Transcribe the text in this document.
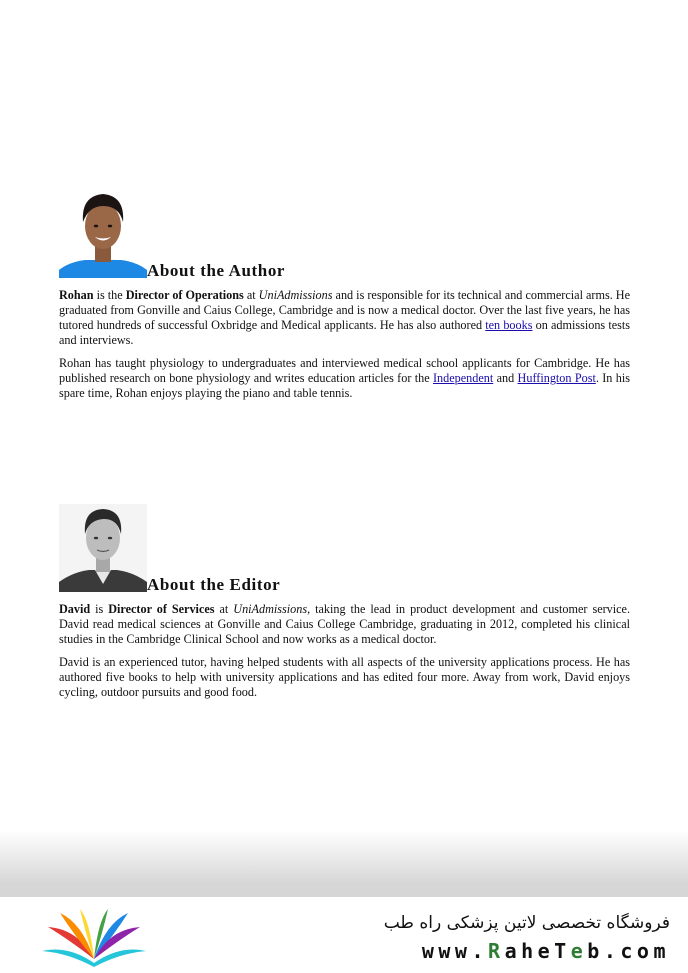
About the Author

Rohan is the Director of Operations at UniAdmissions and is responsible for its technical and commercial arms. He graduated from Gonville and Caius College, Cambridge and is now a medical doctor. Over the last five years, he has tutored hundreds of successful Oxbridge and Medical applicants. He has also authored ten books on admissions tests and interviews.

Rohan has taught physiology to undergraduates and interviewed medical school applicants for Cambridge. He has published research on bone physiology and writes education articles for the Independent and Huffington Post. In his spare time, Rohan enjoys playing the piano and table tennis.

About the Editor

David is Director of Services at UniAdmissions, taking the lead in product development and customer service. David read medical sciences at Gonville and Caius College Cambridge, graduating in 2012, completed his clinical studies in the Cambridge Clinical School and now works as a medical doctor.

David is an experienced tutor, having helped students with all aspects of the university applications process. He has authored five books to help with university applications and has edited four more. Away from work, David enjoys cycling, outdoor pursuits and good food.

فروشگاه تخصصی لاتین پزشکی راه طب
www.RaheTeb.com
